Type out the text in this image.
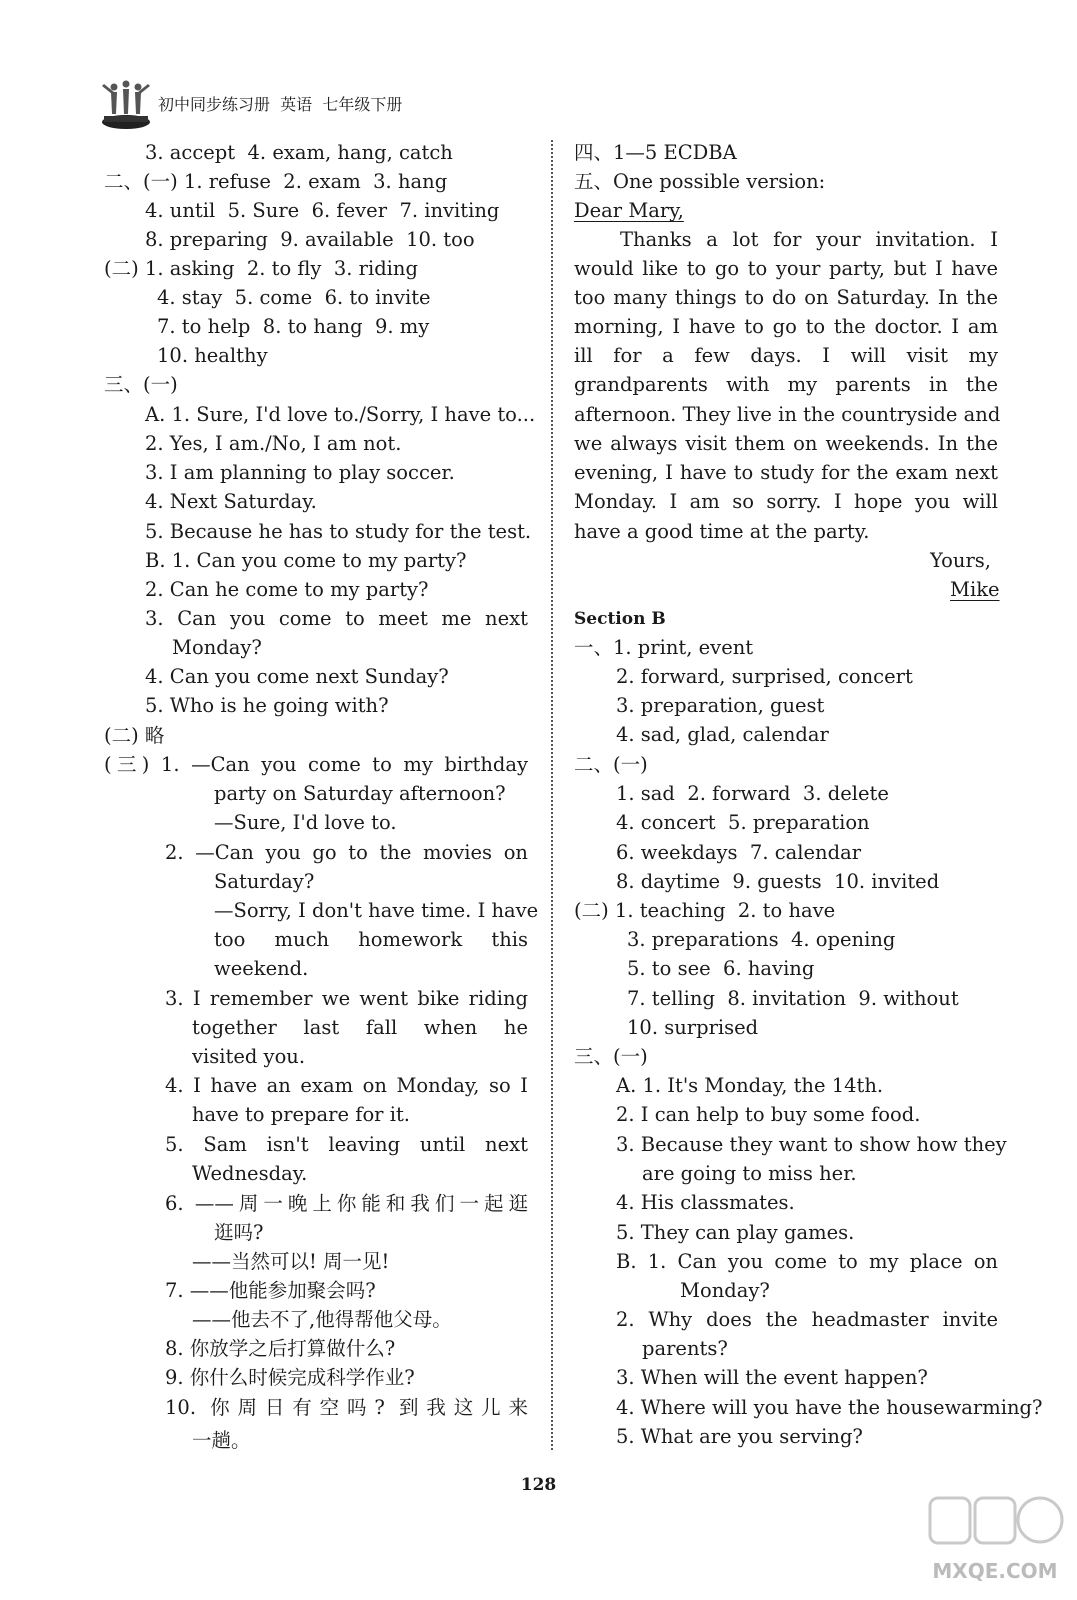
初中同步练习册  英语  七年级下册
3. accept  4. exam, hang, catch
二、(一) 1. refuse  2. exam  3. hang
4. until  5. Sure  6. fever  7. inviting
8. preparing  9. available  10. too
(二) 1. asking  2. to fly  3. riding
4. stay  5. come  6. to invite
7. to help  8. to hang  9. my
10. healthy
三、(一)
A. 1. Sure, I'd love to./Sorry, I have to...
2. Yes, I am./No, I am not.
3. I am planning to play soccer.
4. Next Saturday.
5. Because he has to study for the test.
B. 1. Can you come to my party?
2. Can he come to my party?
3. Can you come to meet me next
Monday?
4. Can you come next Sunday?
5. Who is he going with?
(二) 略
(三) 1. —Can you come to my birthday
party on Saturday afternoon?
—Sure, I'd love to.
2. —Can you go to the movies on
Saturday?
—Sorry, I don't have time. I have
too much homework this
weekend.
3. I remember we went bike riding
together last fall when he
visited you.
4. I have an exam on Monday, so I
have to prepare for it.
5. Sam isn't leaving until next
Wednesday.
6. ——周一晚上你能和我们一起逛
逛吗?
——当然可以! 周一见!
7. ——他能参加聚会吗?
——他去不了,他得帮他父母。
8. 你放学之后打算做什么?
9. 你什么时候完成科学作业?
10. 你周日有空吗? 到我这儿来
一趟。
四、1—5 ECDBA
五、One possible version:
Dear Mary,
Thanks a lot for your invitation. I
would like to go to your party, but I have
too many things to do on Saturday. In the
morning, I have to go to the doctor. I am
ill for a few days. I will visit my
grandparents with my parents in the
afternoon. They live in the countryside and
we always visit them on weekends. In the
evening, I have to study for the exam next
Monday. I am so sorry. I hope you will
have a good time at the party.
Yours,
Mike
Section B
一、1. print, event
2. forward, surprised, concert
3. preparation, guest
4. sad, glad, calendar
二、(一)
1. sad  2. forward  3. delete
4. concert  5. preparation
6. weekdays  7. calendar
8. daytime  9. guests  10. invited
(二) 1. teaching  2. to have
3. preparations  4. opening
5. to see  6. having
7. telling  8. invitation  9. without
10. surprised
三、(一)
A. 1. It's Monday, the 14th.
2. I can help to buy some food.
3. Because they want to show how they
are going to miss her.
4. His classmates.
5. They can play games.
B. 1. Can you come to my place on
Monday?
2. Why does the headmaster invite
parents?
3. When will the event happen?
4. Where will you have the housewarming?
5. What are you serving?
128
MXQE.COM
